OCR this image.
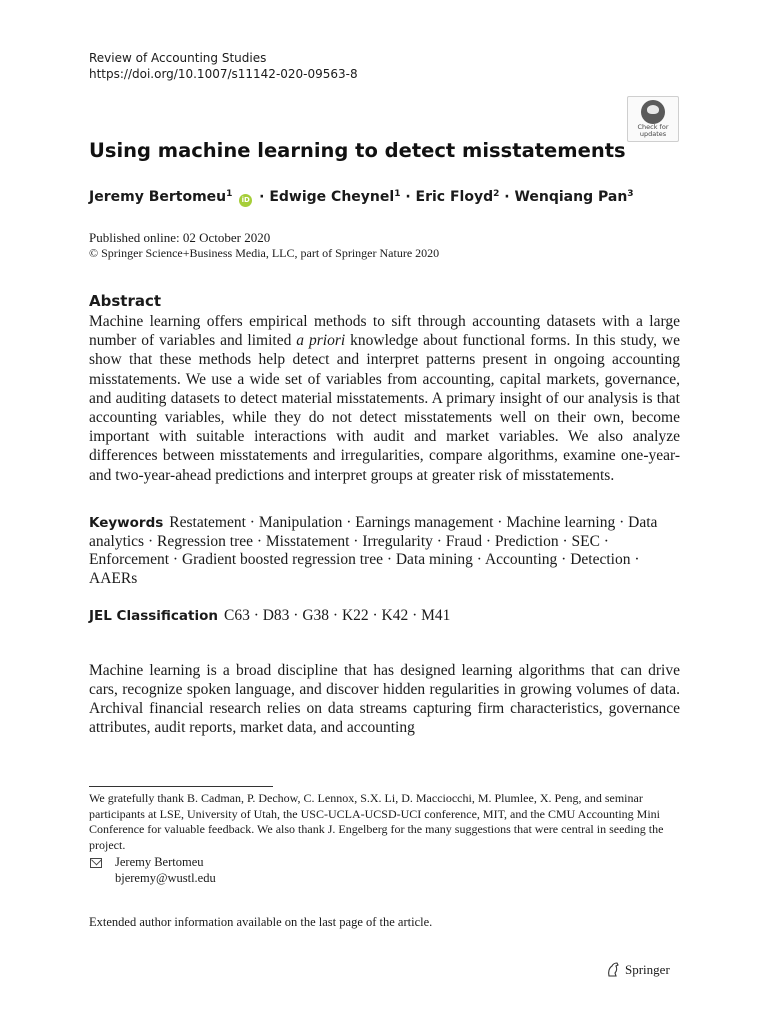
Review of Accounting Studies
https://doi.org/10.1007/s11142-020-09563-8
Check for
updates
Using machine learning to detect misstatements
Jeremy Bertomeu$^1$ iD · Edwige Cheynel$^1$ · Eric Floyd$^2$ · Wenqiang Pan$^3$
Published online: 02 October 2020
© Springer Science+Business Media, LLC, part of Springer Nature 2020
Abstract
Machine learning offers empirical methods to sift through accounting datasets with a large number of variables and limited a priori knowledge about functional forms. In this study, we show that these methods help detect and interpret patterns present in ongoing accounting misstatements. We use a wide set of variables from accounting, capital markets, governance, and auditing datasets to detect material misstatements. A primary insight of our analysis is that accounting variables, while they do not detect misstatements well on their own, become important with suitable interactions with audit and market variables. We also analyze differences between misstatements and irregularities, compare algorithms, examine one-year- and two-year-ahead predictions and interpret groups at greater risk of misstatements.
Keywords Restatement · Manipulation · Earnings management · Machine learning · Data analytics · Regression tree · Misstatement · Irregularity · Fraud · Prediction · SEC · Enforcement · Gradient boosted regression tree · Data mining · Accounting · Detection · AAERs
JEL Classification C63 · D83 · G38 · K22 · K42 · M41
Machine learning is a broad discipline that has designed learning algorithms that can drive cars, recognize spoken language, and discover hidden regularities in growing volumes of data. Archival financial research relies on data streams capturing firm characteristics, governance attributes, audit reports, market data, and accounting
We gratefully thank B. Cadman, P. Dechow, C. Lennox, S.X. Li, D. Macciocchi, M. Plumlee, X. Peng, and seminar participants at LSE, University of Utah, the USC-UCLA-UCSD-UCI conference, MIT, and the CMU Accounting Mini Conference for valuable feedback. We also thank J. Engelberg for the many suggestions that were central in seeding the project.
Jeremy Bertomeu
bjeremy@wustl.edu
Extended author information available on the last page of the article.
Springer
